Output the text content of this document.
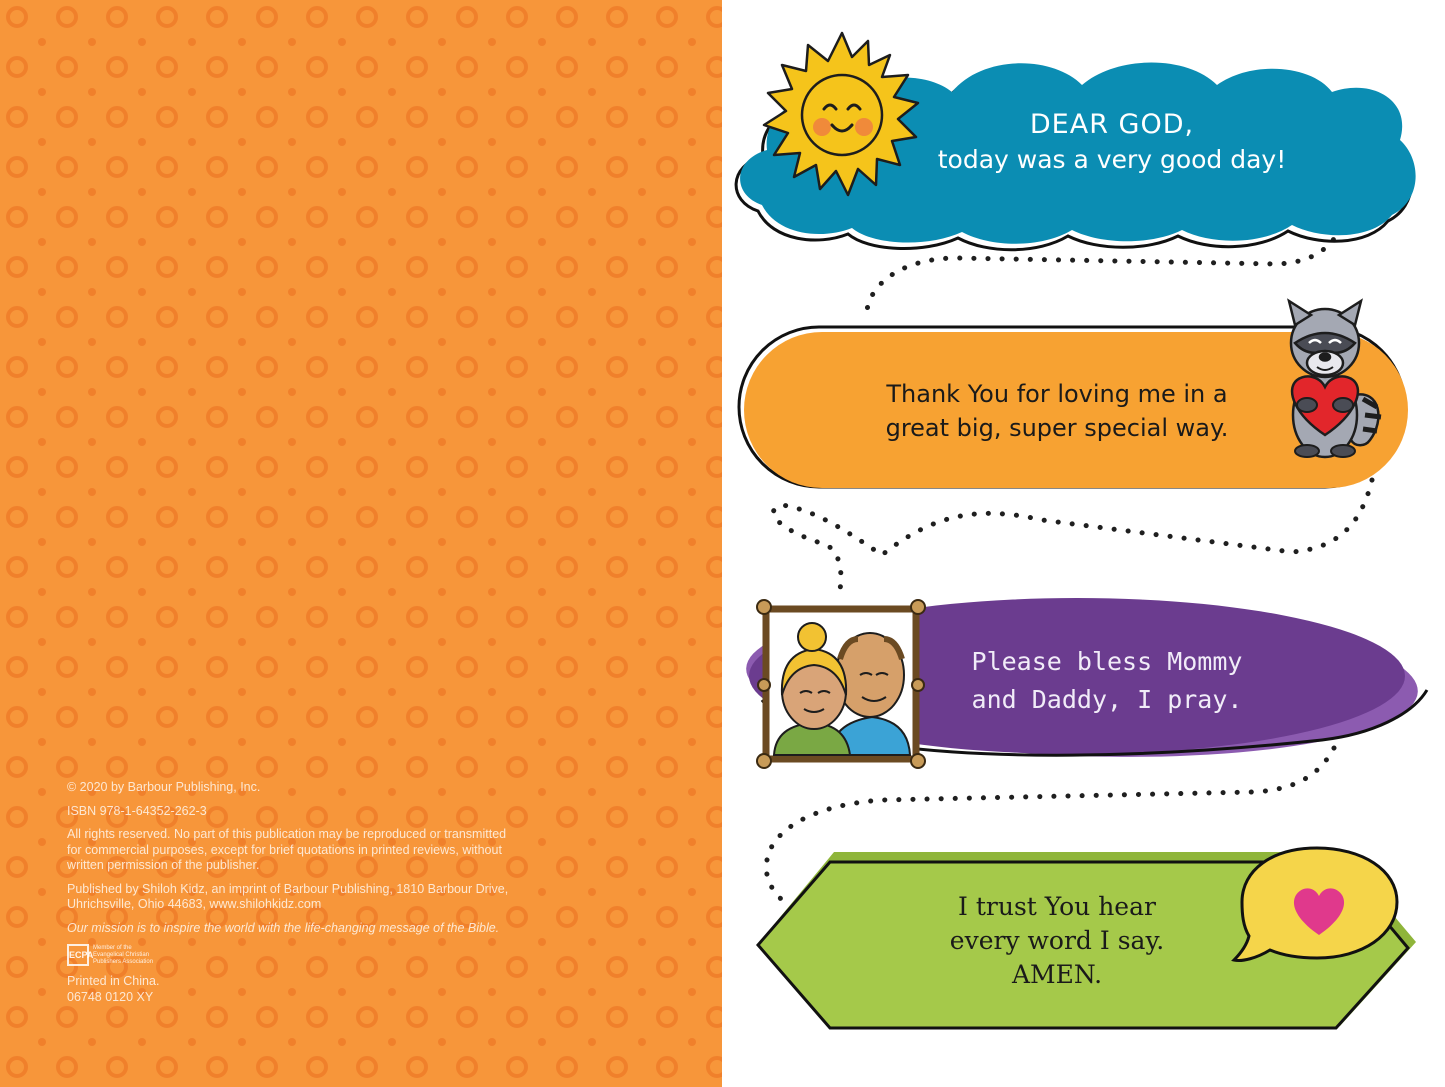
© 2020 by Barbour Publishing, Inc.

ISBN 978-1-64352-262-3

All rights reserved. No part of this publication may be reproduced or transmitted for commercial purposes, except for brief quotations in printed reviews, without written permission of the publisher.

Published by Shiloh Kidz, an imprint of Barbour Publishing, 1810 Barbour Drive, Uhrichsville, Ohio 44683, www.shilohkidz.com

Our mission is to inspire the world with the life-changing message of the Bible.

ECPA
Member of the Evangelical Christian Publishers Association

Printed in China.

06748 0120 XY

DEAR GOD,
today was a very good day!
Thank You for loving me in a
great big, super special way.
Please bless Mommy
and Daddy, I pray.
I trust You hear
every word I say.
AMEN.
